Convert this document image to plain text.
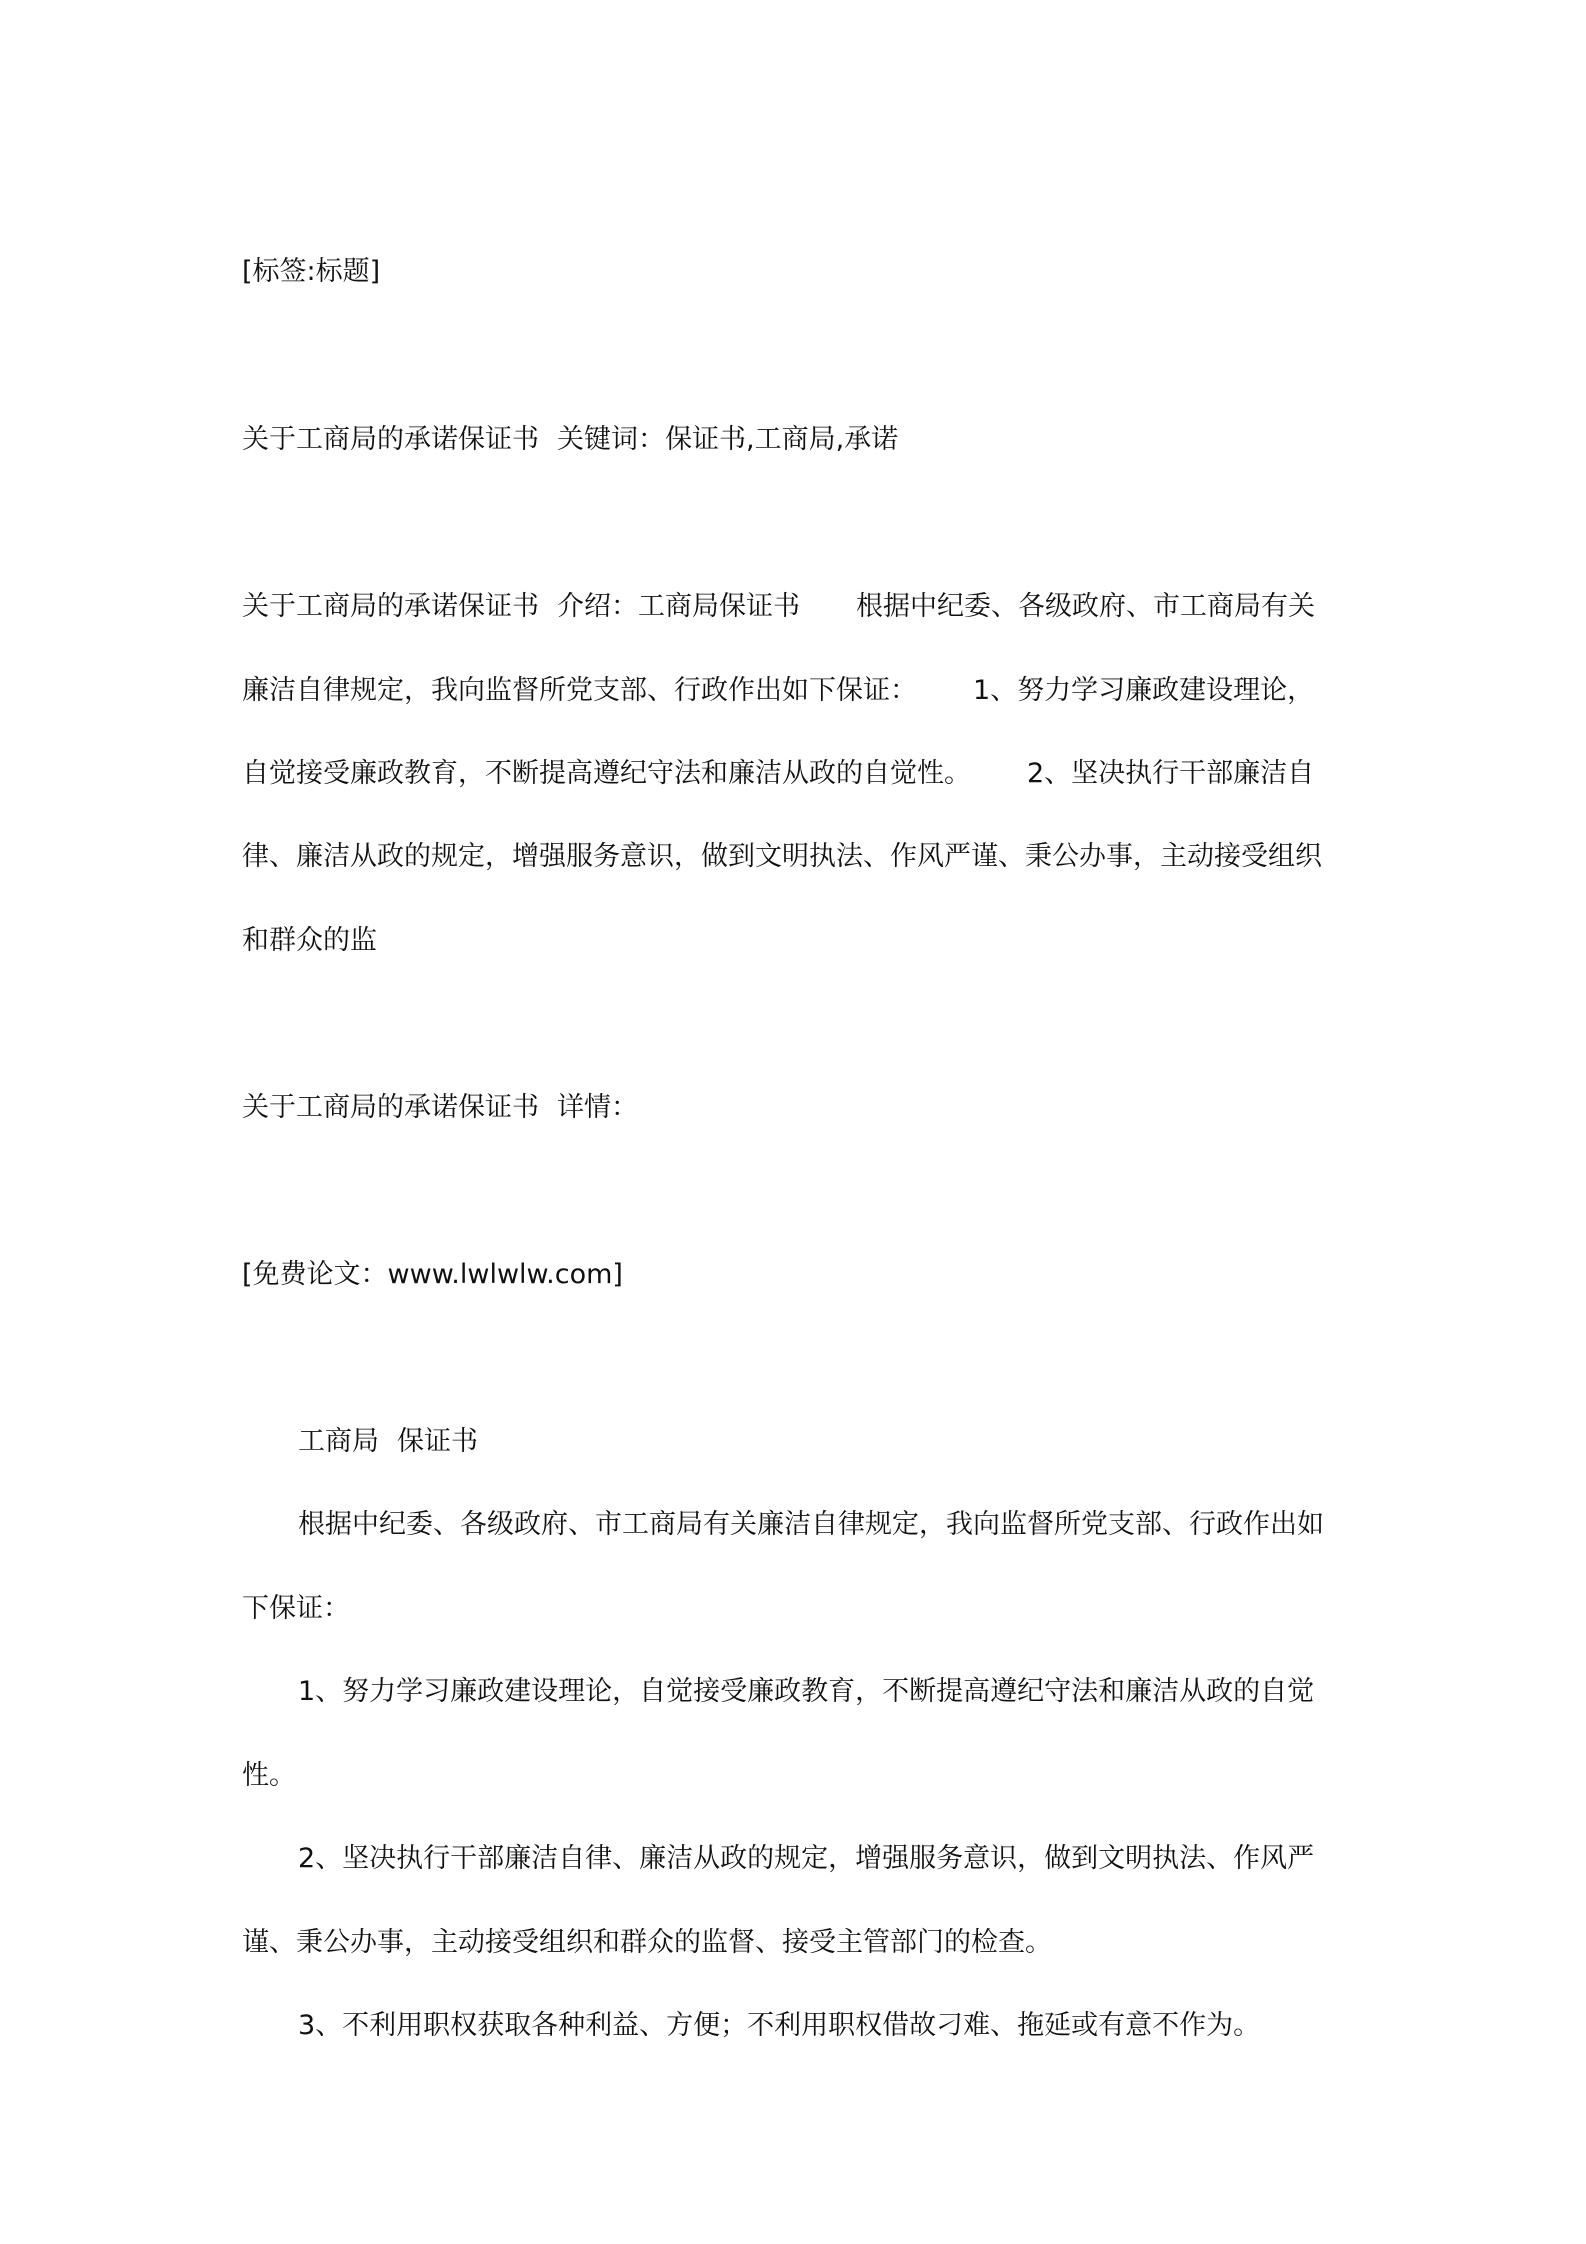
[标签:标题]

关于工商局的承诺保证书 关键词：保证书,工商局,承诺

关于工商局的承诺保证书 介绍：工商局保证书 根据中纪委、各级政府、市工商局有关

廉洁自律规定，我向监督所党支部、行政作出如下保证： 1、努力学习廉政建设理论，

自觉接受廉政教育，不断提高遵纪守法和廉洁从政的自觉性。 2、坚决执行干部廉洁自

律、廉洁从政的规定，增强服务意识，做到文明执法、作风严谨、秉公办事，主动接受组织

和群众的监

关于工商局的承诺保证书 详情：

[免费论文：www.lwlwlw.com]

工商局 保证书

根据中纪委、各级政府、市工商局有关廉洁自律规定，我向监督所党支部、行政作出如

下保证：

1、努力学习廉政建设理论，自觉接受廉政教育，不断提高遵纪守法和廉洁从政的自觉

性。

2、坚决执行干部廉洁自律、廉洁从政的规定，增强服务意识，做到文明执法、作风严

谨、秉公办事，主动接受组织和群众的监督、接受主管部门的检查。

3、不利用职权获取各种利益、方便；不利用职权借故刁难、拖延或有意不作为。
